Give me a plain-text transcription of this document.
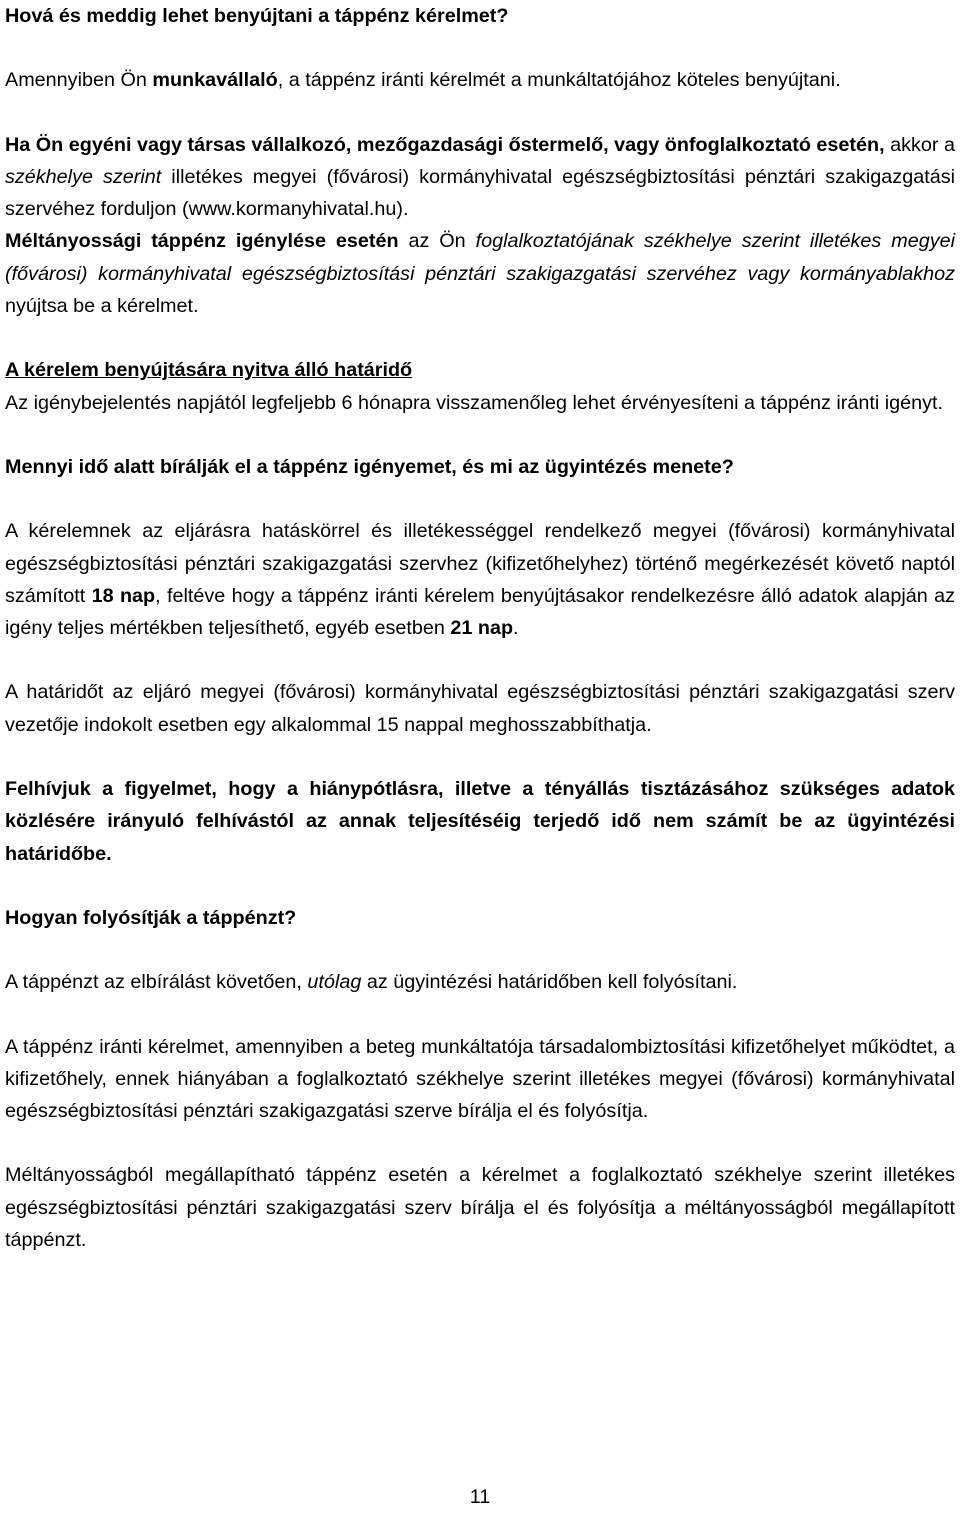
Hová és meddig lehet benyújtani a táppénz kérelmet?

Amennyiben Ön munkavállaló, a táppénz iránti kérelmét a munkáltatójához köteles benyújtani.

Ha Ön egyéni vagy társas vállalkozó, mezőgazdasági őstermelő, vagy önfoglalkoztató esetén, akkor a székhelye szerint illetékes megyei (fővárosi) kormányhivatal egészségbiztosítási pénztári szakigazgatási szervéhez forduljon (www.kormanyhivatal.hu).

Méltányossági táppénz igénylése esetén az Ön foglalkoztatójának székhelye szerint illetékes megyei (fővárosi) kormányhivatal egészségbiztosítási pénztári szakigazgatási szervéhez vagy kormányablakhoz nyújtsa be a kérelmet.

A kérelem benyújtására nyitva álló határidő

Az igénybejelentés napjától legfeljebb 6 hónapra visszamenőleg lehet érvényesíteni a táppénz iránti igényt.

Mennyi idő alatt bírálják el a táppénz igényemet, és mi az ügyintézés menete?

A kérelemnek az eljárásra hatáskörrel és illetékességgel rendelkező megyei (fővárosi) kormányhivatal egészségbiztosítási pénztári szakigazgatási szervhez (kifizetőhelyhez) történő megérkezését követő naptól számított 18 nap, feltéve hogy a táppénz iránti kérelem benyújtásakor rendelkezésre álló adatok alapján az igény teljes mértékben teljesíthető, egyéb esetben 21 nap.

A határidőt az eljáró megyei (fővárosi) kormányhivatal egészségbiztosítási pénztári szakigazgatási szerv vezetője indokolt esetben egy alkalommal 15 nappal meghosszabbíthatja.

Felhívjuk a figyelmet, hogy a hiánypótlásra, illetve a tényállás tisztázásához szükséges adatok közlésére irányuló felhívástól az annak teljesítéséig terjedő idő nem számít be az ügyintézési határidőbe.

Hogyan folyósítják a táppénzt?

A táppénzt az elbírálást követően, utólag az ügyintézési határidőben kell folyósítani.

A táppénz iránti kérelmet, amennyiben a beteg munkáltatója társadalombiztosítási kifizetőhelyet működtet, a kifizetőhely, ennek hiányában a foglalkoztató székhelye szerint illetékes megyei (fővárosi) kormányhivatal egészségbiztosítási pénztári szakigazgatási szerve bírálja el és folyósítja.

Méltányosságból megállapítható táppénz esetén a kérelmet a foglalkoztató székhelye szerint illetékes egészségbiztosítási pénztári szakigazgatási szerv bírálja el és folyósítja a méltányosságból megállapított táppénzt.

11
